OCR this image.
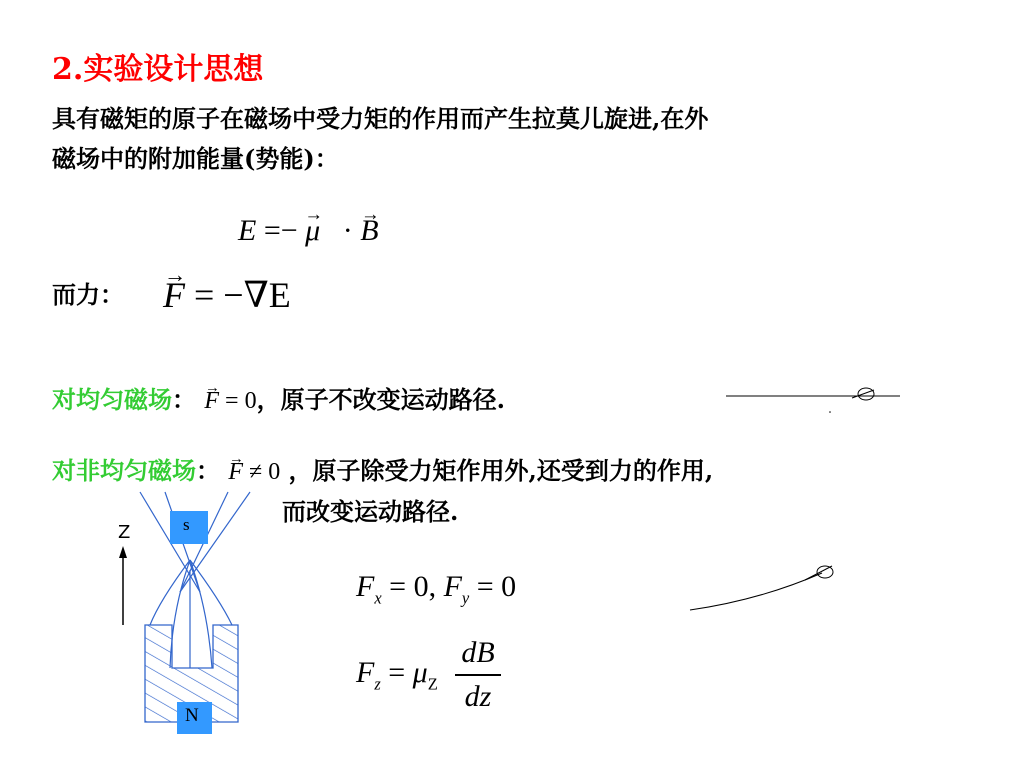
2.实验设计思想
具有磁矩的原子在磁场中受力矩的作用而产生拉莫儿旋进,在外
磁场中的附加能量(势能)：
E =− → μ · → B
而力： → F = −∇E
对均匀磁场： → F = 0，原子不改变运动路径.
对非均匀磁场： → F ≠ 0 ，原子除受力矩作用外,还受到力的作用,
而改变运动路径.
$F_x = 0$, $F_y = 0$
$F_z = \mu_Z \frac{dB}{dz}$
Z	s
N
